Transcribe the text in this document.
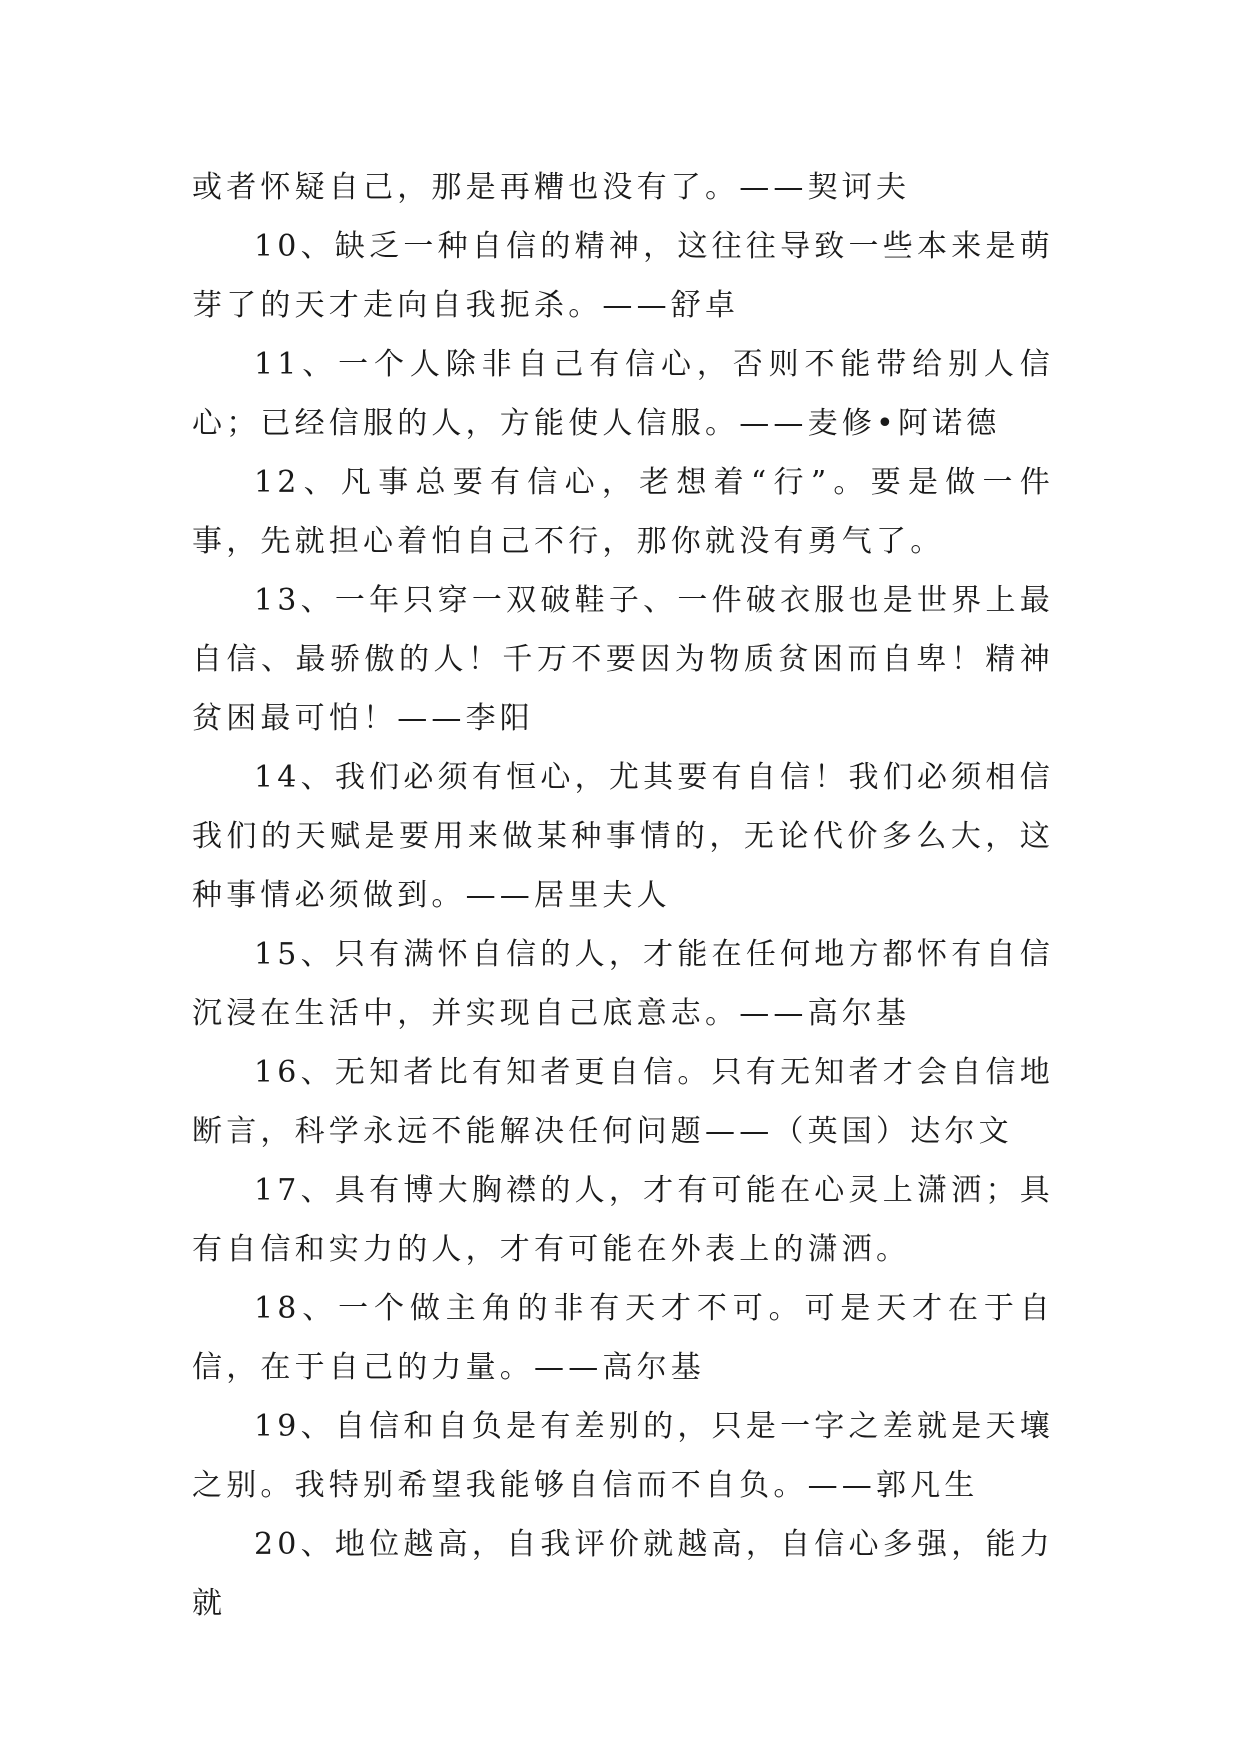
或者怀疑自己，那是再糟也没有了。——契诃夫

10、缺乏一种自信的精神，这往往导致一些本来是萌芽了的天才走向自我扼杀。——舒卓

11、一个人除非自己有信心，否则不能带给别人信心；已经信服的人，方能使人信服。——麦修•阿诺德

12、凡事总要有信心，老想着“行”。要是做一件事，先就担心着怕自己不行，那你就没有勇气了。

13、一年只穿一双破鞋子、一件破衣服也是世界上最自信、最骄傲的人！千万不要因为物质贫困而自卑！精神贫困最可怕！——李阳

14、我们必须有恒心，尤其要有自信！我们必须相信我们的天赋是要用来做某种事情的，无论代价多么大，这种事情必须做到。——居里夫人

15、只有满怀自信的人，才能在任何地方都怀有自信沉浸在生活中，并实现自己底意志。——高尔基

16、无知者比有知者更自信。只有无知者才会自信地断言，科学永远不能解决任何问题——（英国）达尔文

17、具有博大胸襟的人，才有可能在心灵上潇洒；具有自信和实力的人，才有可能在外表上的潇洒。

18、一个做主角的非有天才不可。可是天才在于自信，在于自己的力量。——高尔基

19、自信和自负是有差别的，只是一字之差就是天壤之别。我特别希望我能够自信而不自负。——郭凡生

20、地位越高，自我评价就越高，自信心多强，能力就
